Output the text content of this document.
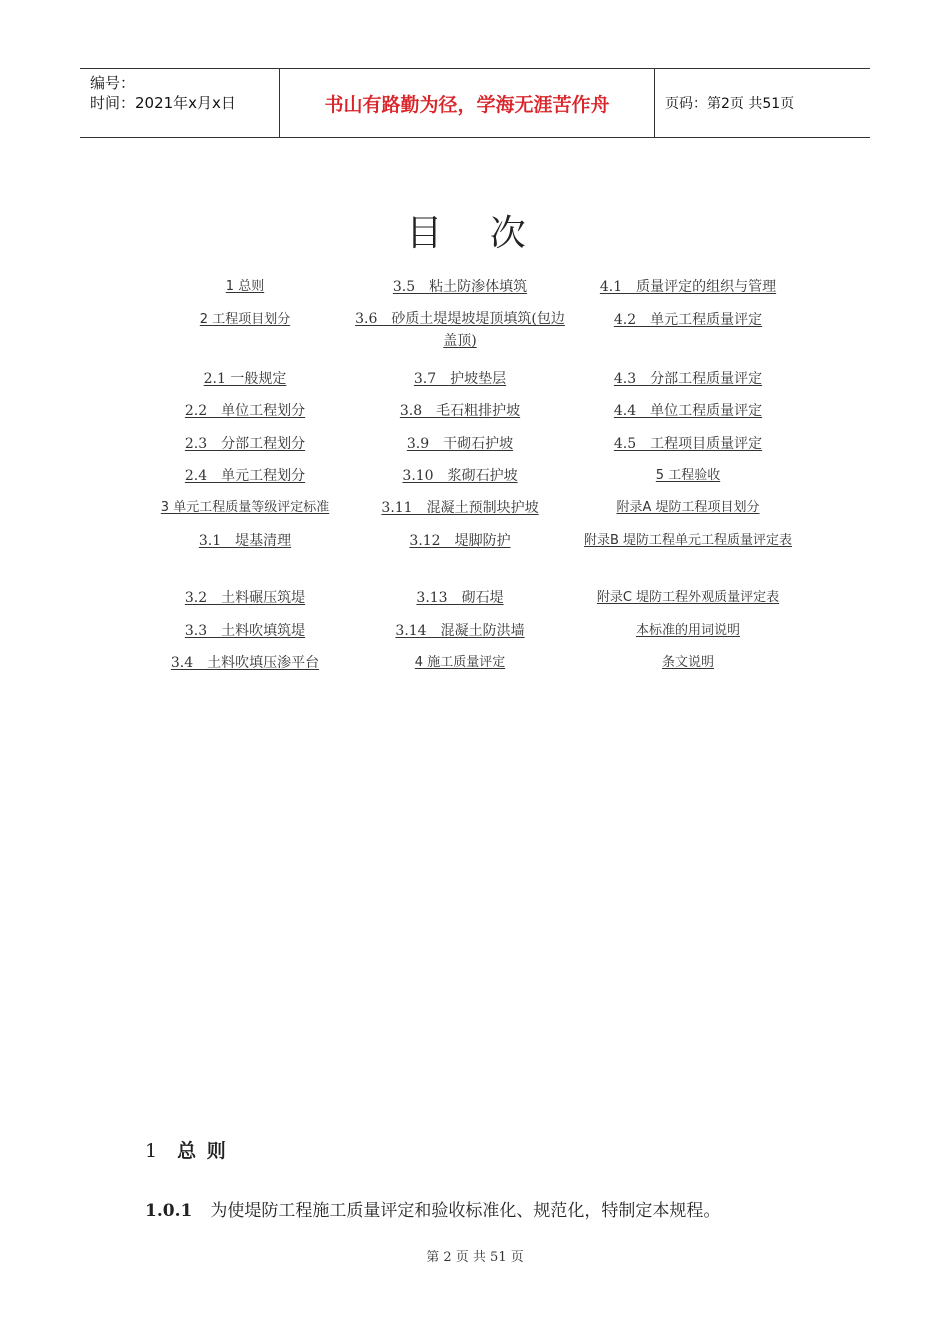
编号：
时间：2021年x月x日	书山有路勤为径，学海无涯苦作舟	页码：第2页 共51页
目 次
1 总则
2 工程项目划分
2.1 一般规定
2.2　单位工程划分
2.3　分部工程划分
2.4　单元工程划分
3 单元工程质量等级评定标准
3.1　堤基清理
3.2　土料碾压筑堤
3.3　土料吹填筑堤
3.4　土料吹填压渗平台
3.5　粘土防渗体填筑
3.6　砂质土堤堤坡堤顶填筑(包边盖顶)
3.7　护坡垫层
3.8　毛石粗排护坡
3.9　干砌石护坡
3.10　浆砌石护坡
3.11　混凝土预制块护坡
3.12　堤脚防护
3.13　砌石堤
3.14　混凝土防洪墙
4 施工质量评定
4.1　质量评定的组织与管理
4.2　单元工程质量评定
4.3　分部工程质量评定
4.4　单位工程质量评定
4.5　工程项目质量评定
5 工程验收
附录A 堤防工程项目划分
附录B 堤防工程单元工程质量评定表
附录C 堤防工程外观质量评定表
本标准的用词说明
条文说明
1 总 则
1.0.1 为使堤防工程施工质量评定和验收标准化、规范化，特制定本规程。
第 2 页 共 51 页
